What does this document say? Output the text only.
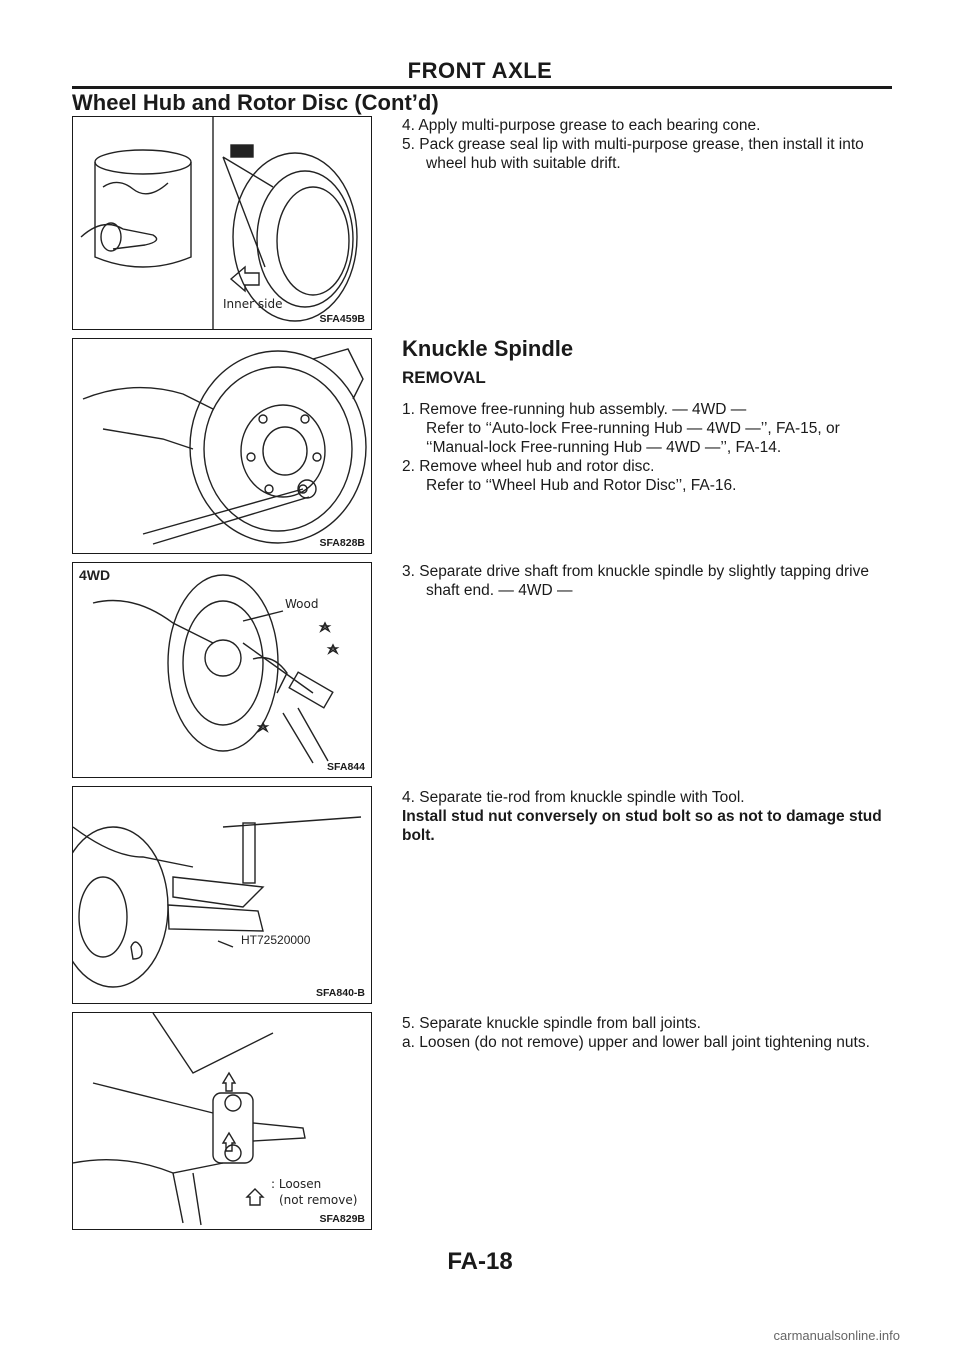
FRONT AXLE
Wheel Hub and Rotor Disc (Cont’d)
Inner side
SFA459B
SFA828B
4WD
Wood
SFA844
HT72520000
SFA840-B
: Loosen
(not remove)
SFA829B

4. Apply multi-purpose grease to each bearing cone.

5. Pack grease seal lip with multi-purpose grease, then install it into wheel hub with suitable drift.

Knuckle Spindle
REMOVAL

1. Remove free-running hub assembly. — 4WD —

Refer to ‘‘Auto-lock Free-running Hub — 4WD —’’, FA-15, or ‘‘Manual-lock Free-running Hub — 4WD —’’, FA-14.

2. Remove wheel hub and rotor disc.

Refer to ‘‘Wheel Hub and Rotor Disc’’, FA-16.

3. Separate drive shaft from knuckle spindle by slightly tapping drive shaft end. — 4WD —

4. Separate tie-rod from knuckle spindle with Tool.

Install stud nut conversely on stud bolt so as not to damage stud bolt.

5. Separate knuckle spindle from ball joints.

a. Loosen (do not remove) upper and lower ball joint tightening nuts.

FA-18
carmanualsonline.info
